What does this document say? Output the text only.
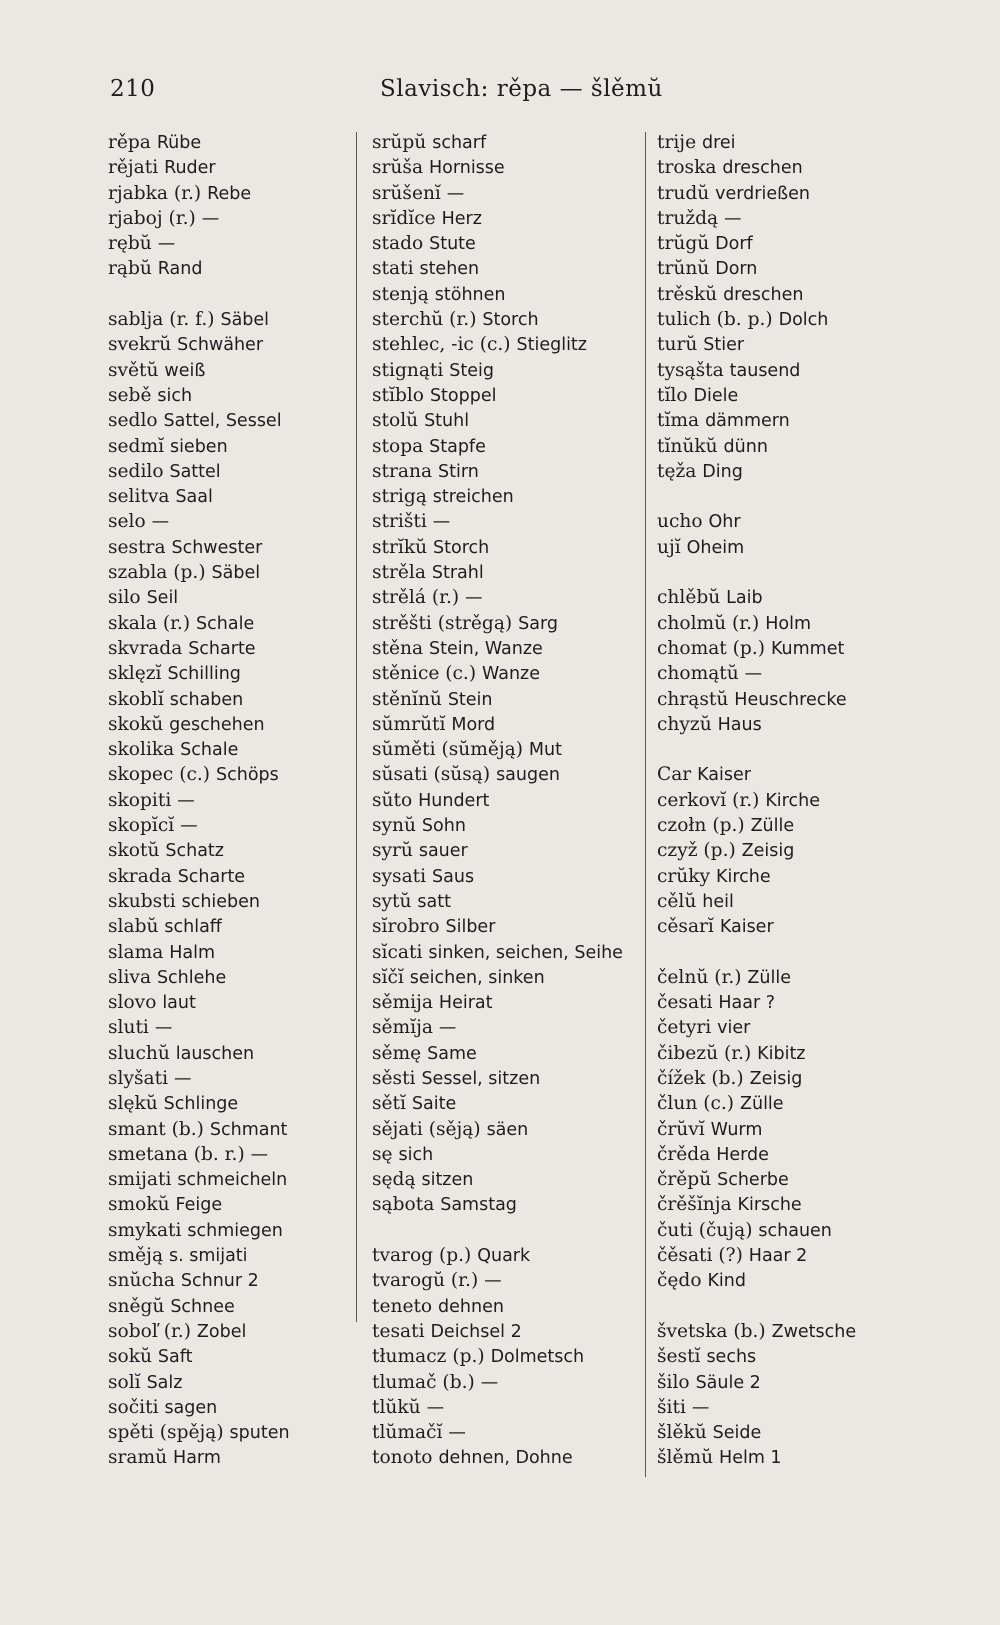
210	Slavisch: rěpa — šlěmŭ
rěpa Rübe
rějati Ruder
rjabka (r.) Rebe
rjaboj (r.) —
rębŭ —
rąbŭ Rand
sablja (r. f.) Säbel
svekrŭ Schwäher
světŭ weiß
sebě sich
sedlo Sattel, Sessel
sedmĭ sieben
sedilo Sattel
selitva Saal
selo —
sestra Schwester
szabla (p.) Säbel
silo Seil
skala (r.) Schale
skvrada Scharte
sklęzĭ Schilling
skoblĭ schaben
skokŭ geschehen
skolika Schale
skopec (c.) Schöps
skopiti —
skopĭcĭ —
skotŭ Schatz
skrada Scharte
skubsti schieben
slabŭ schlaff
slama Halm
sliva Schlehe
slovo laut
sluti —
sluchŭ lauschen
slyšati —
slękŭ Schlinge
smant (b.) Schmant
smetana (b. r.) —
smijati schmeicheln
smokŭ Feige
smykati schmiegen
směją s. smijati
snŭcha Schnur 2
sněgŭ Schnee
soboľ (r.) Zobel
sokŭ Saft
solĭ Salz
sočiti sagen
spěti (spěją) sputen
sramŭ Harm
srŭpŭ scharf
srŭša Hornisse
srŭšenĭ —
srĭdĭce Herz
stado Stute
stati stehen
stenją stöhnen
sterchŭ (r.) Storch
stehlec, -ic (c.) Stieglitz
stignąti Steig
stĭblo Stoppel
stolŭ Stuhl
stopa Stapfe
strana Stirn
strigą streichen
strišti —
strĭkŭ Storch
strěla Strahl
strělá (r.) —
strěšti (strěgą) Sarg
stěna Stein, Wanze
stěnice (c.) Wanze
stěnĭnŭ Stein
sŭmrŭtĭ Mord
sŭměti (sŭměją) Mut
sŭsati (sŭsą) saugen
sŭto Hundert
synŭ Sohn
syrŭ sauer
sysati Saus
sytŭ satt
sĭrobro Silber
sĭcati sinken, seichen, Seihe
sĭčĭ seichen, sinken
sěmija Heirat
sěmĭja —
sěmę Same
sěsti Sessel, sitzen
sětĭ Saite
sějati (sěją) säen
sę sich
sędą sitzen
sąbota Samstag
tvarog (p.) Quark
tvarogŭ (r.) —
teneto dehnen
tesati Deichsel 2
tłumacz (p.) Dolmetsch
tlumač (b.) —
tlŭkŭ —
tlŭmačĭ —
tonoto dehnen, Dohne
trije drei
troska dreschen
trudŭ verdrießen
truždą —
trŭgŭ Dorf
trŭnŭ Dorn
trěskŭ dreschen
tulich (b. p.) Dolch
turŭ Stier
tysąšta tausend
tĭlo Diele
tĭma dämmern
tĭnŭkŭ dünn
tęža Ding
ucho Ohr
ujĭ Oheim
chlěbŭ Laib
cholmŭ (r.) Holm
chomat (p.) Kummet
chomątŭ —
chrąstŭ Heuschrecke
chyzŭ Haus
Car Kaiser
cerkovĭ (r.) Kirche
czołn (p.) Zülle
czyž (p.) Zeisig
crŭky Kirche
cělŭ heil
cěsarĭ Kaiser
čelnŭ (r.) Zülle
česati Haar ?
četyri vier
čibezŭ (r.) Kibitz
čížek (b.) Zeisig
člun (c.) Zülle
črŭvĭ Wurm
črěda Herde
črěpŭ Scherbe
črěšĭnja Kirsche
čuti (čują) schauen
čěsati (?) Haar 2
čędo Kind
švetska (b.) Zwetsche
šestĭ sechs
šilo Säule 2
šiti —
šlěkŭ Seide
šlěmŭ Helm 1
